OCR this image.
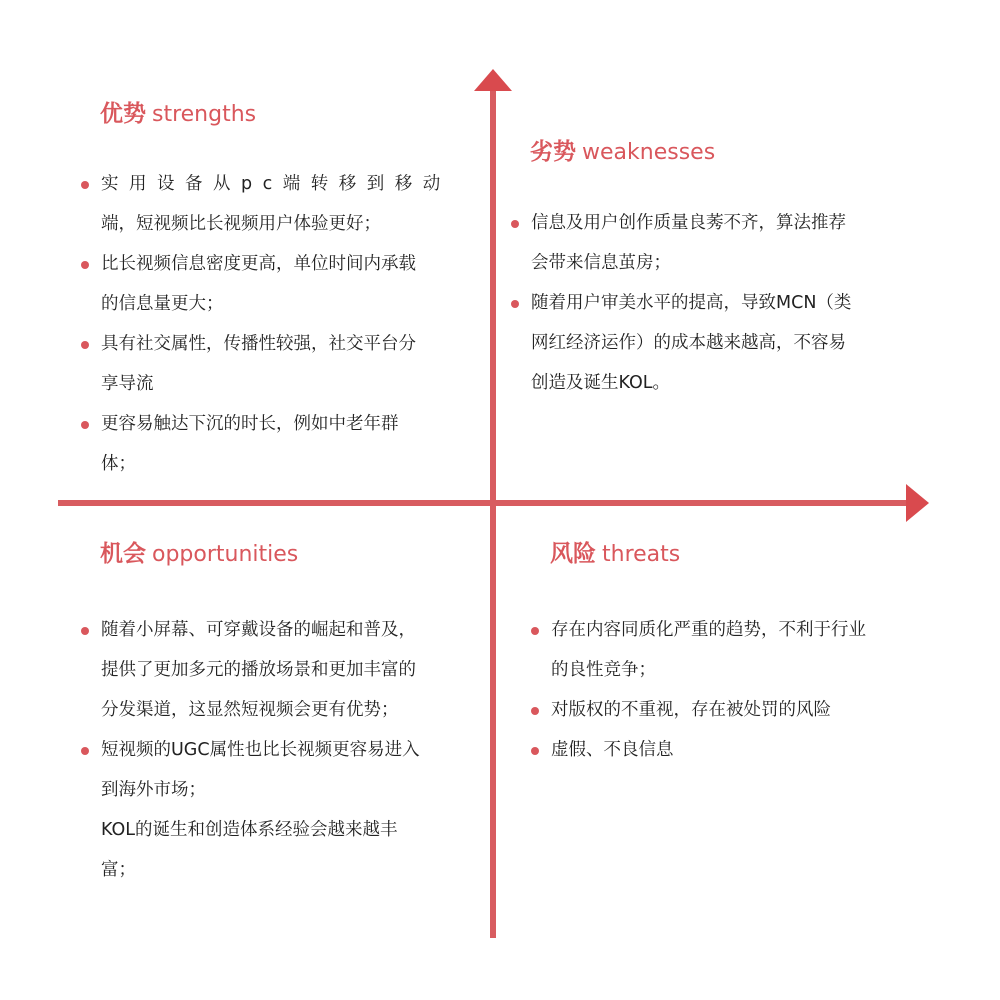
优势 strengths
实用设备从pc端转移到移动
端，短视频比长视频用户体验更好；
比长视频信息密度更高，单位时间内承载
的信息量更大；
具有社交属性，传播性较强，社交平台分
享导流
更容易触达下沉的时长，例如中老年群
体；
劣势 weaknesses
信息及用户创作质量良莠不齐，算法推荐
会带来信息茧房；
随着用户审美水平的提高，导致MCN（类
网红经济运作）的成本越来越高，不容易
创造及诞生KOL。
机会 opportunities
随着小屏幕、可穿戴设备的崛起和普及，
提供了更加多元的播放场景和更加丰富的
分发渠道，这显然短视频会更有优势；
短视频的UGC属性也比长视频更容易进入
到海外市场；
KOL的诞生和创造体系经验会越来越丰
富；
风险 threats
存在内容同质化严重的趋势，不利于行业
的良性竞争；
对版权的不重视，存在被处罚的风险
虚假、不良信息
